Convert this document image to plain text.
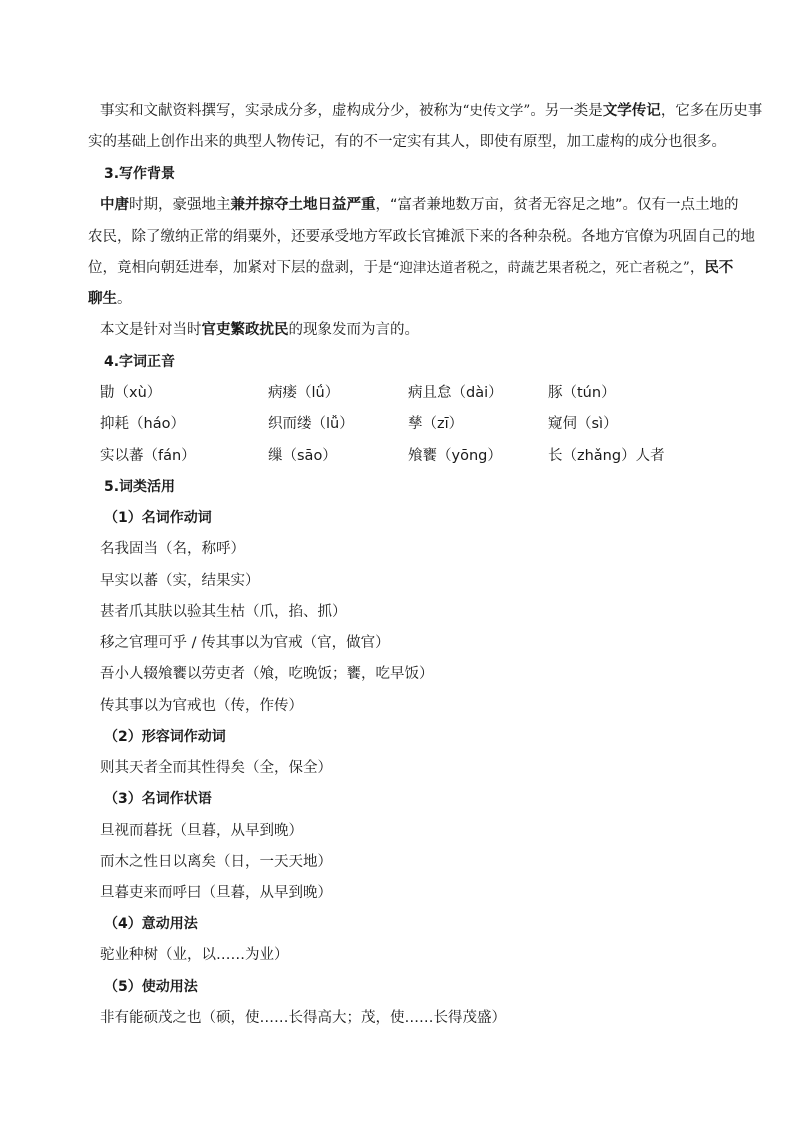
事实和文献资料撰写，实录成分多，虚构成分少，被称为“史传文学”。另一类是文学传记，它多在历史事
实的基础上创作出来的典型人物传记，有的不一定实有其人，即使有原型，加工虚构的成分也很多。
3.写作背景
中唐时期，豪强地主兼并掠夺土地日益严重，“富者兼地数万亩，贫者无容足之地”。仅有一点土地的
农民，除了缴纳正常的绢粟外，还要承受地方军政长官摊派下来的各种杂税。各地方官僚为巩固自己的地
位，竟相向朝廷进奉，加紧对下层的盘剥，于是“迎津达道者税之，莳蔬艺果者税之，死亡者税之”，民不
聊生。
本文是针对当时官吏繁政扰民的现象发而为言的。
4.字词正音
勖（xù）	病瘘（lǘ）	病且怠（dài）	豚（tún）
抑耗（háo）	织而缕（lǚ）	孳（zī）	窥伺（sì）
实以蕃（fán）	缫（sāo）	飧饔（yōng）	长（zhǎng）人者
5.词类活用
（1）名词作动词
名我固当（名，称呼）
早实以蕃（实，结果实）
甚者爪其肤以验其生枯（爪，掐、抓）
移之官理可乎 / 传其事以为官戒（官，做官）
吾小人辍飧饔以劳吏者（飧，吃晚饭；饔，吃早饭）
传其事以为官戒也（传，作传）
（2）形容词作动词
则其天者全而其性得矣（全，保全）
（3）名词作状语
旦视而暮抚（旦暮，从早到晚）
而木之性日以离矣（日，一天天地）
旦暮吏来而呼曰（旦暮，从早到晚）
（4）意动用法
驼业种树（业，以……为业）
（5）使动用法
非有能硕茂之也（硕，使……长得高大；茂，使……长得茂盛）
